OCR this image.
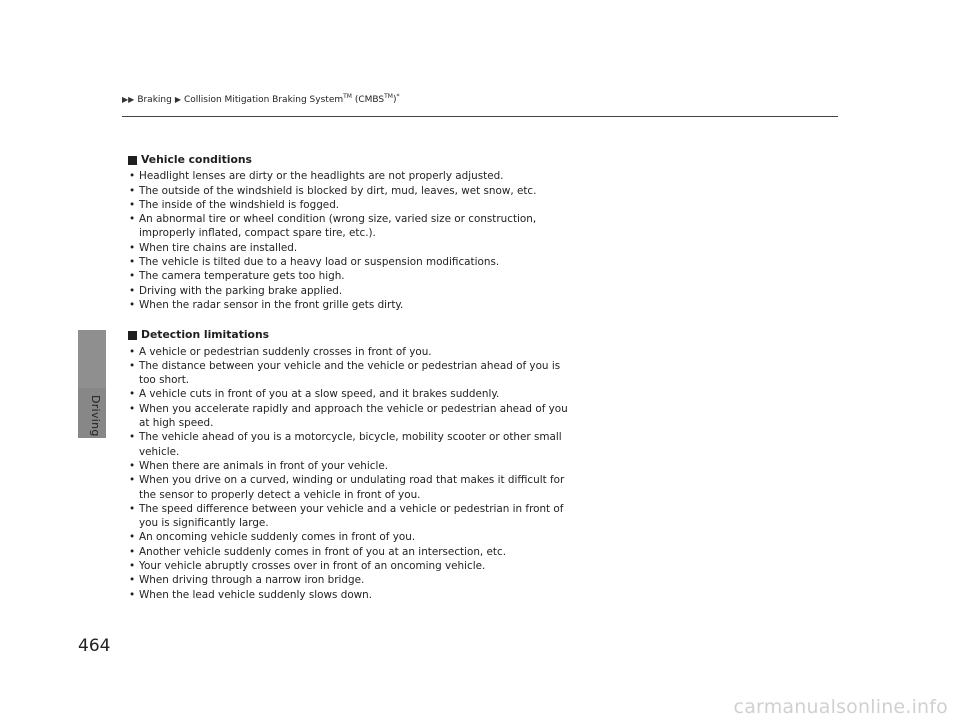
Driving
▶▶ Braking ▶ Collision Mitigation Braking System™ (CMBS™)*
Vehicle conditions
• Headlight lenses are dirty or the headlights are not properly adjusted.
• The outside of the windshield is blocked by dirt, mud, leaves, wet snow, etc.
• The inside of the windshield is fogged.
• An abnormal tire or wheel condition (wrong size, varied size or construction, improperly inflated, compact spare tire, etc.).
• When tire chains are installed.
• The vehicle is tilted due to a heavy load or suspension modifications.
• The camera temperature gets too high.
• Driving with the parking brake applied.
• When the radar sensor in the front grille gets dirty.
Detection limitations
• A vehicle or pedestrian suddenly crosses in front of you.
• The distance between your vehicle and the vehicle or pedestrian ahead of you is too short.
• A vehicle cuts in front of you at a slow speed, and it brakes suddenly.
• When you accelerate rapidly and approach the vehicle or pedestrian ahead of you at high speed.
• The vehicle ahead of you is a motorcycle, bicycle, mobility scooter or other small vehicle.
• When there are animals in front of your vehicle.
• When you drive on a curved, winding or undulating road that makes it difficult for the sensor to properly detect a vehicle in front of you.
• The speed difference between your vehicle and a vehicle or pedestrian in front of you is significantly large.
• An oncoming vehicle suddenly comes in front of you.
• Another vehicle suddenly comes in front of you at an intersection, etc.
• Your vehicle abruptly crosses over in front of an oncoming vehicle.
• When driving through a narrow iron bridge.
• When the lead vehicle suddenly slows down.
464
carmanualsonline.info
